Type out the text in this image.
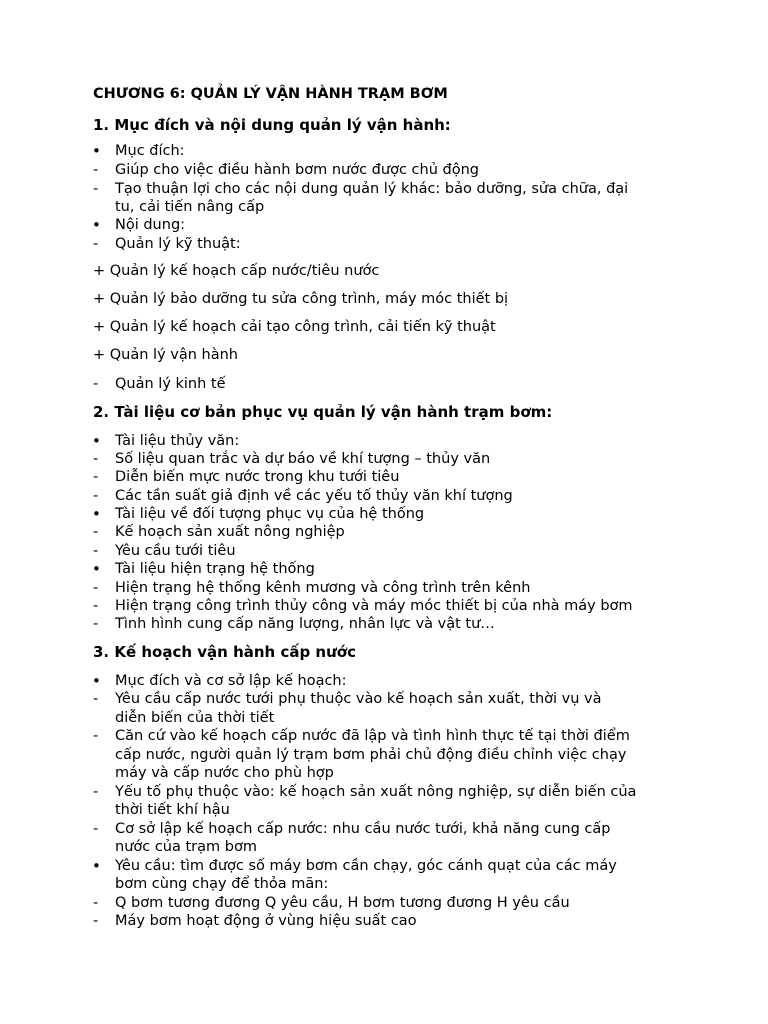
CHƯƠNG 6: QUẢN LÝ VẬN HÀNH TRẠM BƠM
1. Mục đích và nội dung quản lý vận hành:
• Mục đích:
-	Giúp cho việc điều hành bơm nước được chủ động
-	Tạo thuận lợi cho các nội dung quản lý khác: bảo dưỡng, sửa chữa, đại
tu, cải tiến nâng cấp
• Nội dung:
-	Quản lý kỹ thuật:
+ Quản lý kế hoạch cấp nước/tiêu nước
+ Quản lý bảo dưỡng tu sửa công trình, máy móc thiết bị
+ Quản lý kế hoạch cải tạo công trình, cải tiến kỹ thuật
+ Quản lý vận hành
-	Quản lý kinh tế
2. Tài liệu cơ bản phục vụ quản lý vận hành trạm bơm:
• Tài liệu thủy văn:
-	Số liệu quan trắc và dự báo về khí tượng – thủy văn
-	Diễn biến mực nước trong khu tưới tiêu
-	Các tần suất giả định về các yếu tố thủy văn khí tượng
• Tài liệu về đối tượng phục vụ của hệ thống
-	Kế hoạch sản xuất nông nghiệp
-	Yêu cầu tưới tiêu
• Tài liệu hiện trạng hệ thống
-	Hiện trạng hệ thống kênh mương và công trình trên kênh
-	Hiện trạng công trình thủy công và máy móc thiết bị của nhà máy bơm
-	Tình hình cung cấp năng lượng, nhân lực và vật tư…
3. Kế hoạch vận hành cấp nước
• Mục đích và cơ sở lập kế hoạch:
-	Yêu cầu cấp nước tưới phụ thuộc vào kế hoạch sản xuất, thời vụ và
diễn biến của thời tiết
-	Căn cứ vào kế hoạch cấp nước đã lập và tình hình thực tế tại thời điểm
cấp nước, người quản lý trạm bơm phải chủ động điều chỉnh việc chạy
máy và cấp nước cho phù hợp
-	Yếu tố phụ thuộc vào: kế hoạch sản xuất nông nghiệp, sự diễn biến của
thời tiết khí hậu
-	Cơ sở lập kế hoạch cấp nước: nhu cầu nước tưới, khả năng cung cấp
nước của trạm bơm
• Yêu cầu: tìm được số máy bơm cần chạy, góc cánh quạt của các máy
bơm cùng chạy để thỏa mãn:
-	Q bơm tương đương Q yêu cầu, H bơm tương đương H yêu cầu
-	Máy bơm hoạt động ở vùng hiệu suất cao
